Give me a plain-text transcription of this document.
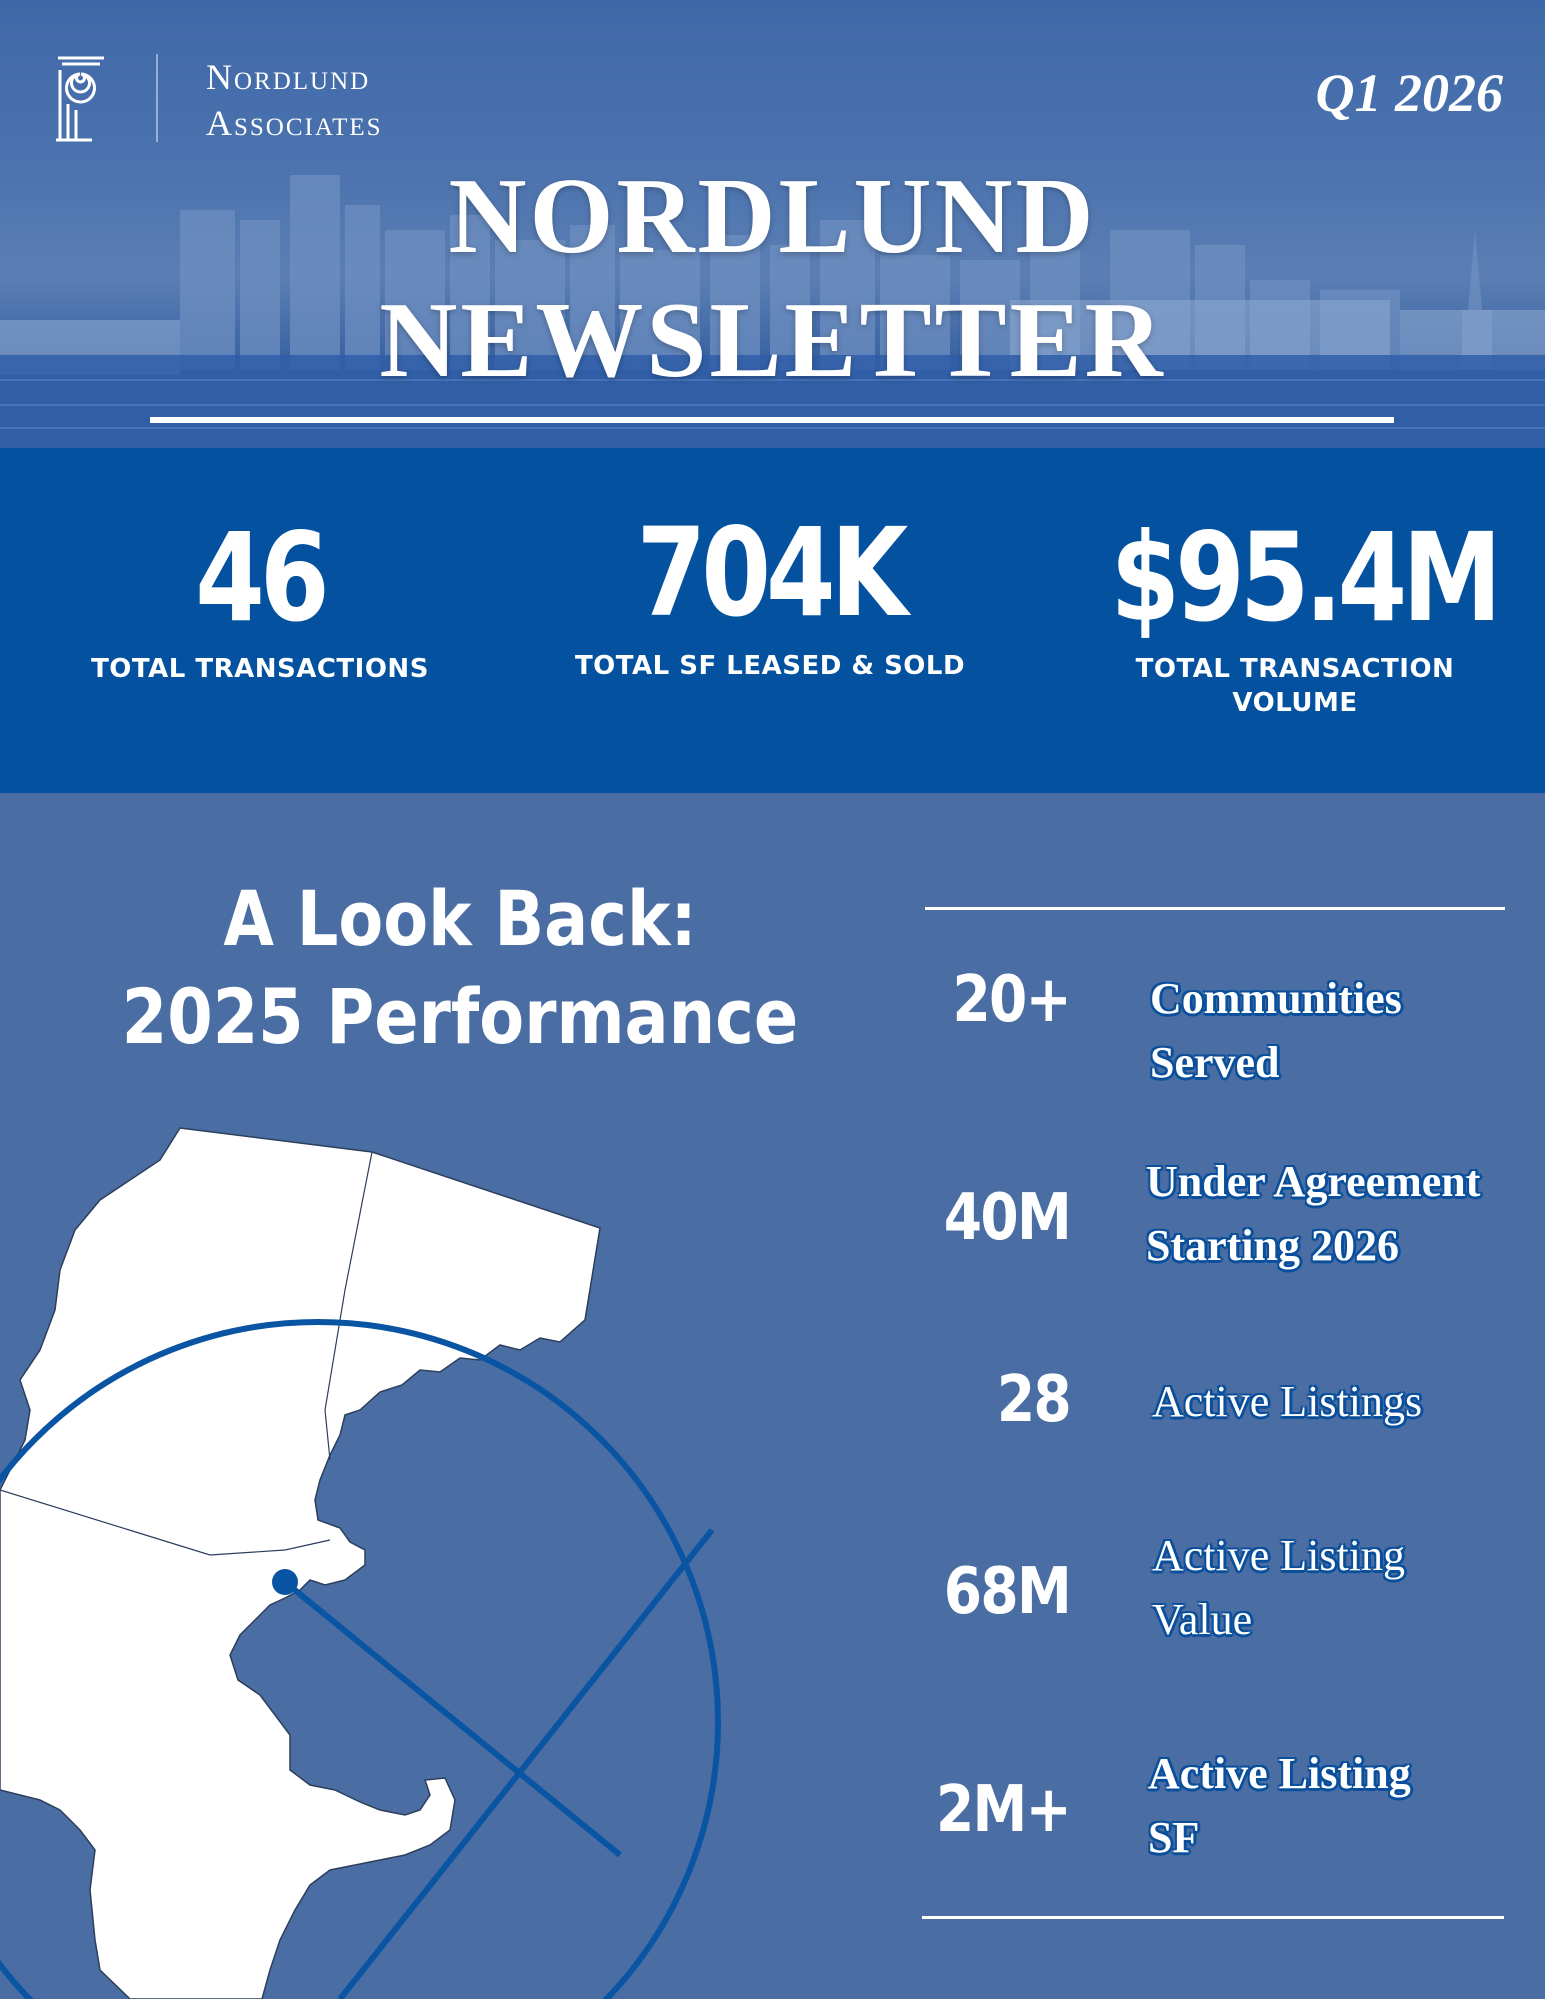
Nordlund
Associates	Q1 2026
NORDLUND
NEWSLETTER
46
TOTAL TRANSACTIONS
704K
TOTAL SF LEASED & SOLD
$95.4M
TOTAL TRANSACTION
VOLUME
A Look Back:
2025 Performance	20+ Communities
Served
40M Under Agreement
Starting 2026
28 Active Listings
68M Active Listing
Value
2M+ Active Listing
SF
